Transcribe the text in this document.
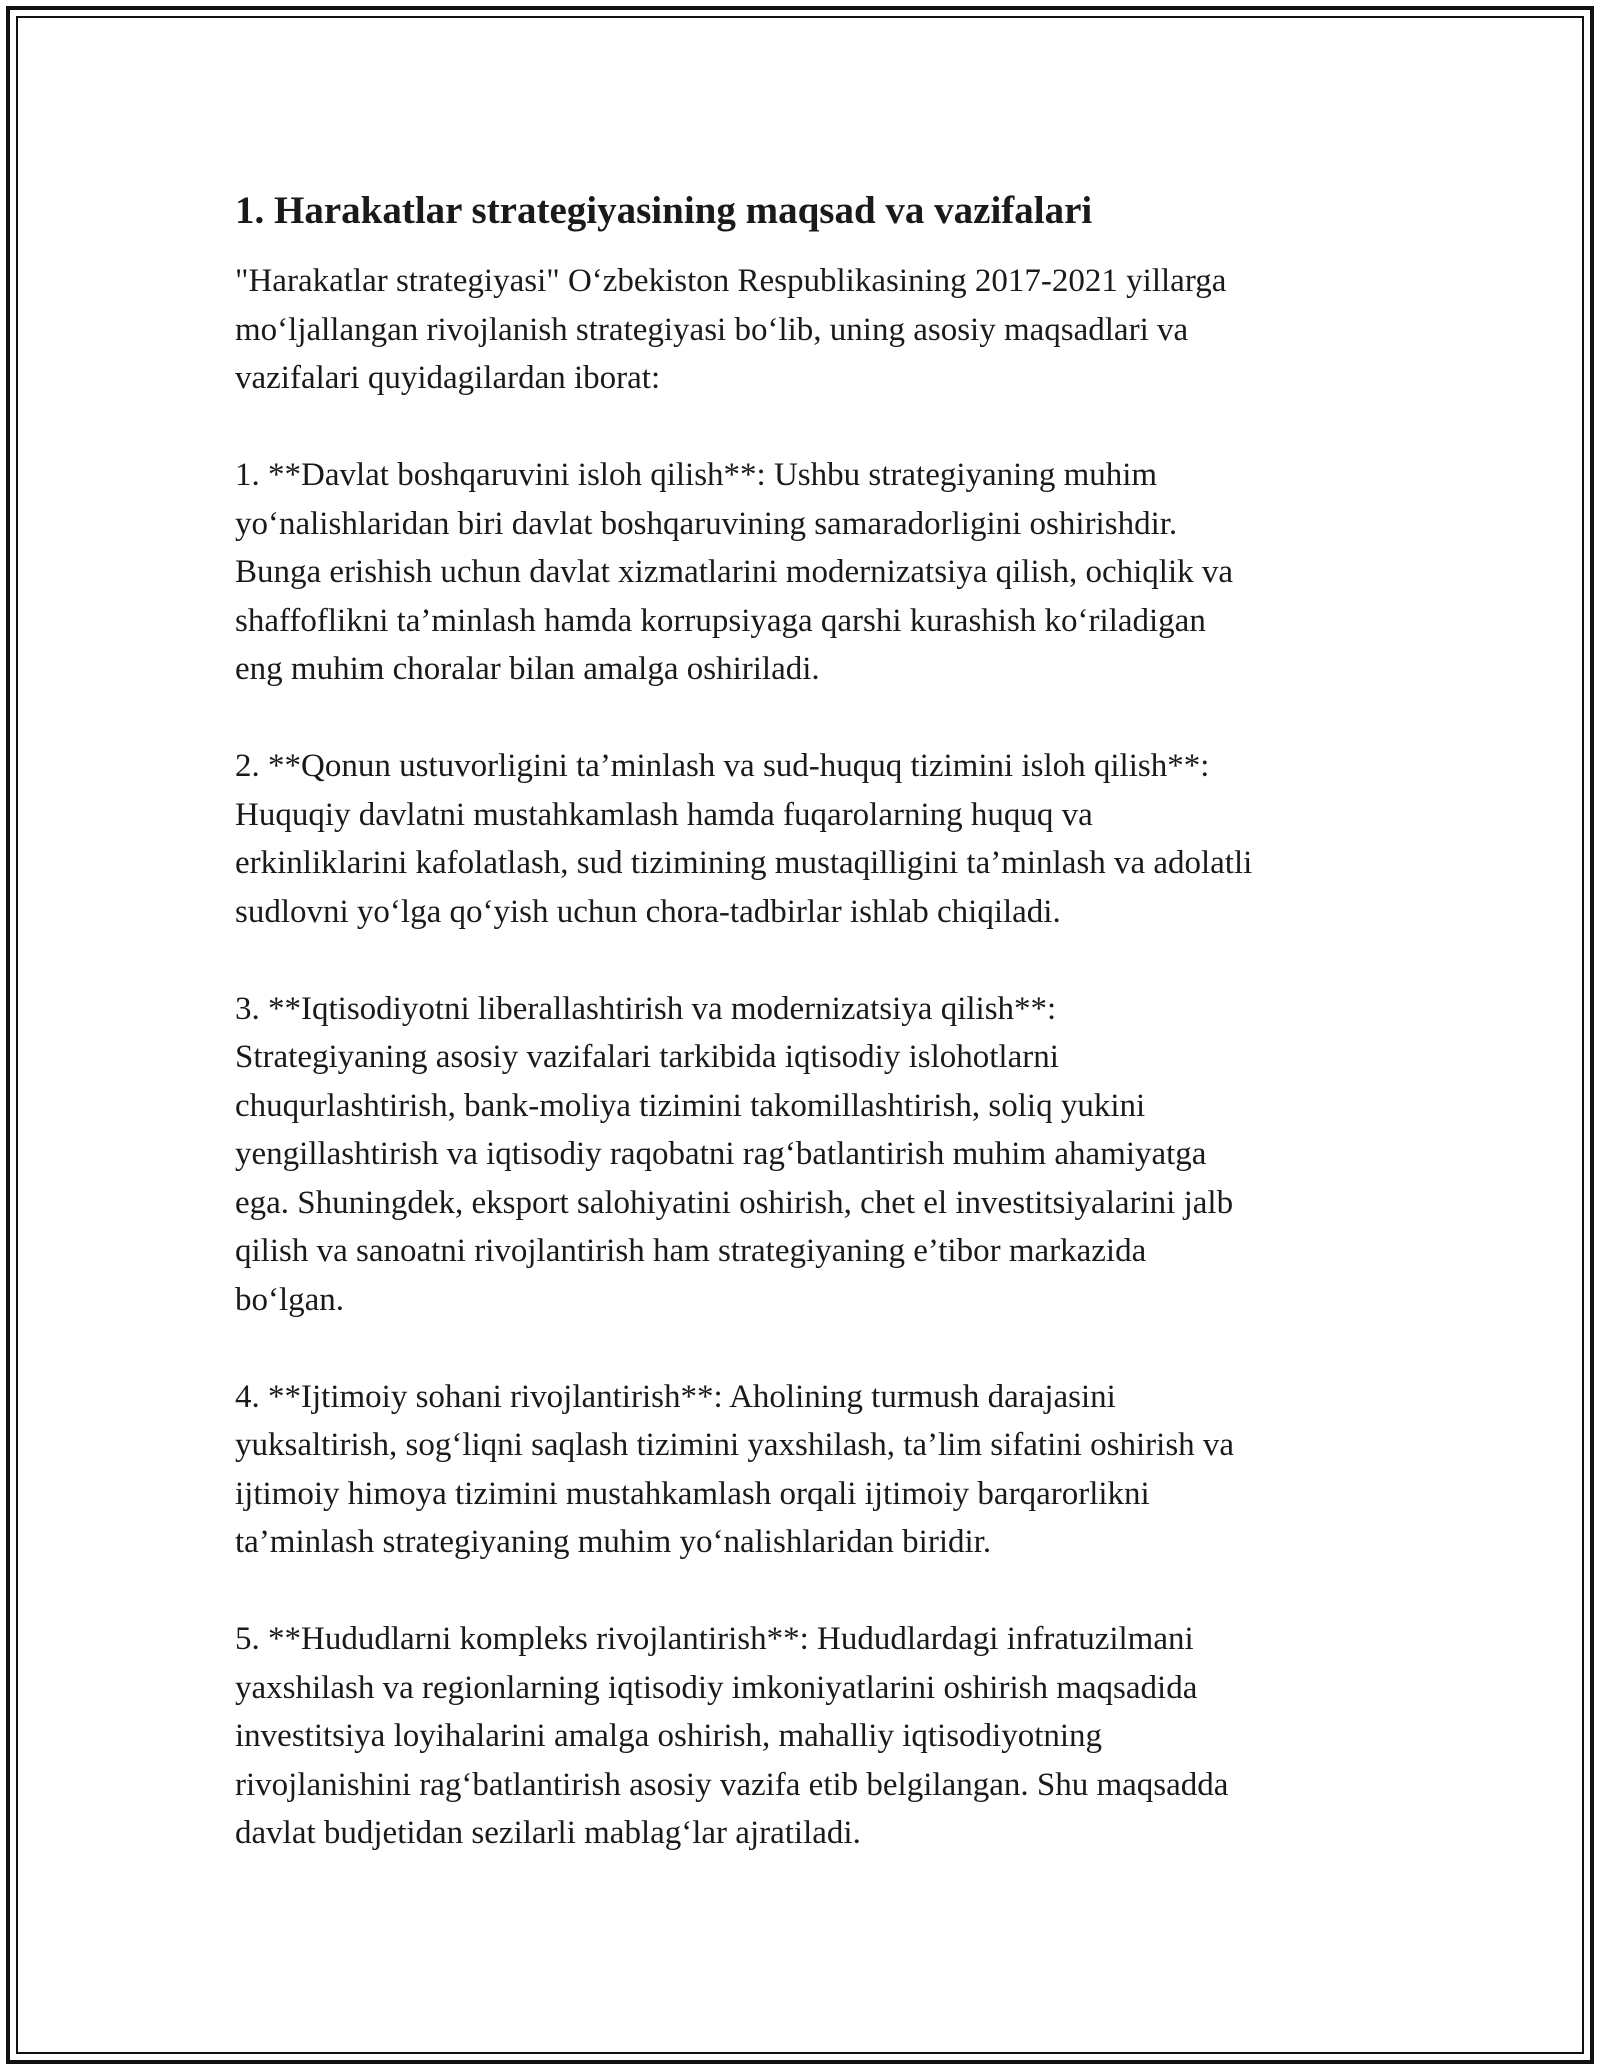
1. Harakatlar strategiyasining maqsad va vazifalari

"Harakatlar strategiyasi" O‘zbekiston Respublikasining 2017-2021 yillarga
mo‘ljallangan rivojlanish strategiyasi bo‘lib, uning asosiy maqsadlari va
vazifalari quyidagilardan iborat:

1. **Davlat boshqaruvini isloh qilish**: Ushbu strategiyaning muhim
yo‘nalishlaridan biri davlat boshqaruvining samaradorligini oshirishdir.
Bunga erishish uchun davlat xizmatlarini modernizatsiya qilish, ochiqlik va
shaffoflikni ta’minlash hamda korrupsiyaga qarshi kurashish ko‘riladigan
eng muhim choralar bilan amalga oshiriladi.

2. **Qonun ustuvorligini ta’minlash va sud-huquq tizimini isloh qilish**:
Huquqiy davlatni mustahkamlash hamda fuqarolarning huquq va
erkinliklarini kafolatlash, sud tizimining mustaqilligini ta’minlash va adolatli
sudlovni yo‘lga qo‘yish uchun chora-tadbirlar ishlab chiqiladi.

3. **Iqtisodiyotni liberallashtirish va modernizatsiya qilish**:
Strategiyaning asosiy vazifalari tarkibida iqtisodiy islohotlarni
chuqurlashtirish, bank-moliya tizimini takomillashtirish, soliq yukini
yengillashtirish va iqtisodiy raqobatni rag‘batlantirish muhim ahamiyatga
ega. Shuningdek, eksport salohiyatini oshirish, chet el investitsiyalarini jalb
qilish va sanoatni rivojlantirish ham strategiyaning e’tibor markazida
bo‘lgan.

4. **Ijtimoiy sohani rivojlantirish**: Aholining turmush darajasini
yuksaltirish, sog‘liqni saqlash tizimini yaxshilash, ta’lim sifatini oshirish va
ijtimoiy himoya tizimini mustahkamlash orqali ijtimoiy barqarorlikni
ta’minlash strategiyaning muhim yo‘nalishlaridan biridir.

5. **Hududlarni kompleks rivojlantirish**: Hududlardagi infratuzilmani
yaxshilash va regionlarning iqtisodiy imkoniyatlarini oshirish maqsadida
investitsiya loyihalarini amalga oshirish, mahalliy iqtisodiyotning
rivojlanishini rag‘batlantirish asosiy vazifa etib belgilangan. Shu maqsadda
davlat budjetidan sezilarli mablag‘lar ajratiladi.
